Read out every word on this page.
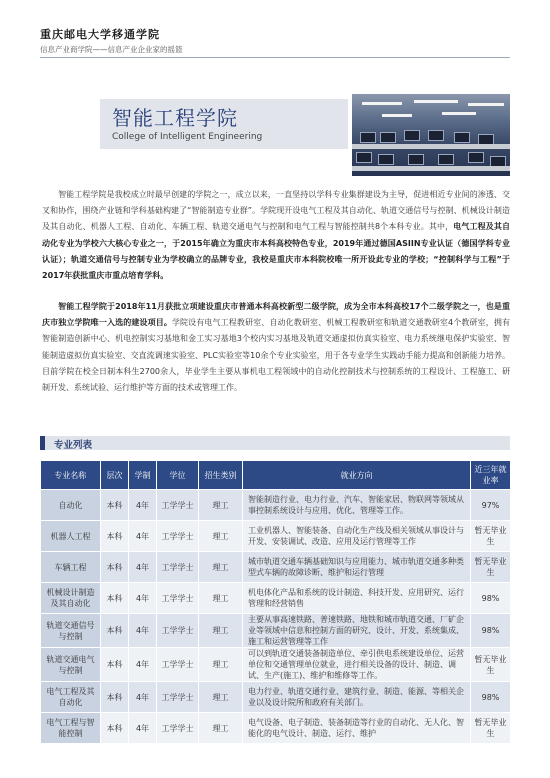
重庆邮电大学移通学院
信息产业商学院——信息产业企业家的摇篮
智能工程学院
College of Intelligent Engineering
  智能工程学院是我校成立时最早创建的学院之一，成立以来，一直坚持以学科专业集群建设为主导，促进相近专业间的渗透、交叉和协作，围绕产业链和学科基础构建了“智能制造专业群”。学院现开设电气工程及其自动化、轨道交通信号与控制、机械设计制造及其自动化、机器人工程、自动化、车辆工程、轨道交通电气与控制和电气工程与智能控制共8个本科专业。其中，电气工程及其自动化专业为学校六大核心专业之一，于2015年确立为重庆市本科高校特色专业，2019年通过德国ASIIN专业认证（德国学科专业认证）；轨道交通信号与控制专业为学校确立的品牌专业，我校是重庆市本科院校唯一所开设此专业的学校；“控制科学与工程”于2017年获批重庆市重点培育学科。
  智能工程学院于2018年11月获批立项建设重庆市普通本科高校新型二级学院，成为全市本科高校17个二级学院之一，也是重庆市独立学院唯一入选的建设项目。学院设有电气工程教研室、自动化教研室、机械工程教研室和轨道交通教研室4个教研室，拥有智能制造创新中心、机电控制实习基地和金工实习基地3个校内实习基地及轨道交通虚拟仿真实验室、电力系统继电保护实验室、智能制造虚拟仿真实验室、交直流调速实验室、PLC实验室等10余个专业实验室，用于各专业学生实践动手能力提高和创新能力培养。目前学院在校全日制本科生2700余人，毕业学生主要从事机电工程领域中的自动化控制技术与控制系统的工程设计、工程施工、研制开发、系统试验、运行维护等方面的技术或管理工作。
专业列表
专业名称	层次	学制	学位	招生类别	就业方向	近三年就业率
自动化	本科	4年	工学学士	理工	智能制造行业、电力行业、汽车、智能家居、物联网等领域从事控制系统设计与应用、优化、管理等工作。	97%
机器人工程	本科	4年	工学学士	理工	工业机器人、智能装备、自动化生产线及相关领域从事设计与开发、安装调试、改造、应用及运行管理等工作	暂无毕业生
车辆工程	本科	4年	工学学士	理工	城市轨道交通车辆基础知识与应用能力、城市轨道交通多种类型式车辆的故障诊断、维护和运行管理	暂无毕业生
机械设计制造及其自动化	本科	4年	工学学士	理工	机电体化产品和系统的设计制造、科技开发、应用研究、运行管理和经营销售	98%
轨道交通信号与控制	本科	4年	工学学士	理工	主要从事高速铁路、普速铁路、地铁和城市轨道交通、厂矿企业等领域中信息和控制方面的研究、设计、开发、系统集成、施工和运营管理等工作	98%
轨道交通电气与控制	本科	4年	工学学士	理工	可以到轨道交通装备制造单位、牵引供电系统建设单位、运营单位和交通管理单位就业，进行相关设备的设计、制造、调试、生产(施工)、维护和维修等工作。	暂无毕业生
电气工程及其自动化	本科	4年	工学学士	理工	电力行业、轨道交通行业、建筑行业、制造、能源、等相关企业以及设计院所和政府有关部门。	98%
电气工程与智能控制	本科	4年	工学学士	理工	电气设备、电子制造、装备制造等行业的自动化、无人化、智能化的电气设计、制造、运行、维护	暂无毕业生
